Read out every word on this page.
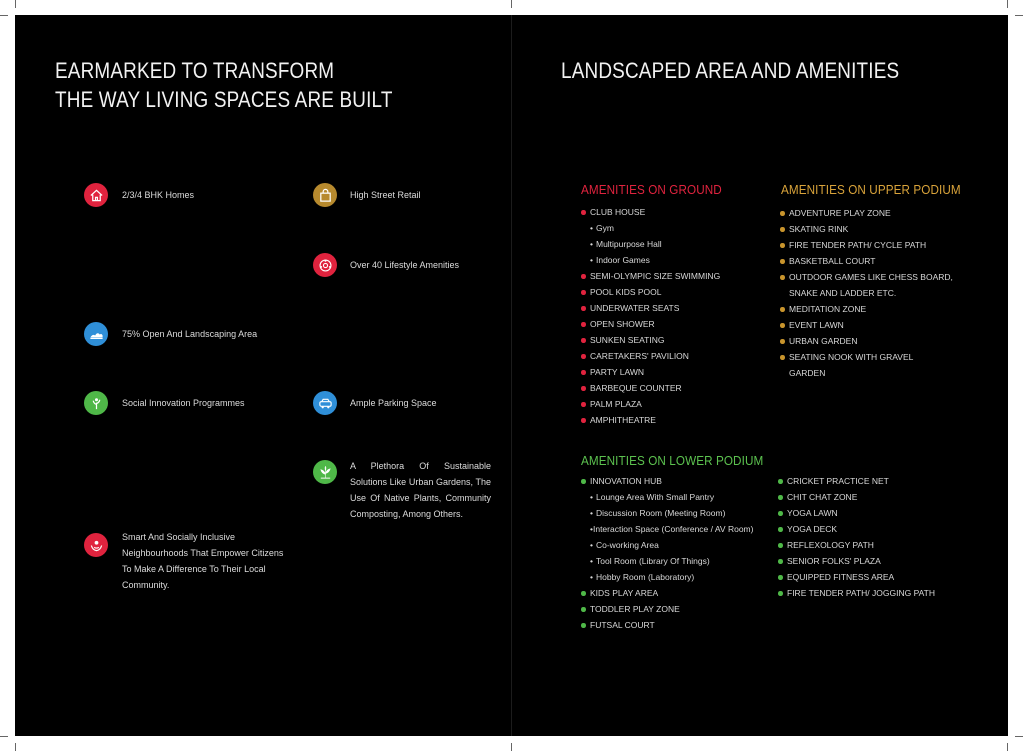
EARMARKED TO TRANSFORM
THE WAY LIVING SPACES ARE BUILT

2/3/4 BHK Homes	High Street Retail

Over 40 Lifestyle Amenities

75% Open And Landscaping Area

Social Innovation Programmes	Ample Parking Space

A Plethora Of Sustainable Solutions Like Urban Gardens, The Use Of Native Plants, Community Composting, Among Others.

Smart And Socially Inclusive Neighbourhoods That Empower Citizens To Make A Difference To Their Local Community.

LANDSCAPED AREA AND AMENITIES
AMENITIES ON GROUND
CLUB HOUSE
• Gym
• Multipurpose Hall
• Indoor Games
SEMI-OLYMPIC SIZE SWIMMING
POOL KIDS POOL
UNDERWATER SEATS
OPEN SHOWER
SUNKEN SEATING
CARETAKERS' PAVILION
PARTY LAWN
BARBEQUE COUNTER
PALM PLAZA
AMPHITHEATRE
AMENITIES ON UPPER PODIUM
ADVENTURE PLAY ZONE
SKATING RINK
FIRE TENDER PATH/ CYCLE PATH
BASKETBALL COURT
OUTDOOR GAMES LIKE CHESS BOARD,
SNAKE AND LADDER ETC.
MEDITATION ZONE
EVENT LAWN
URBAN GARDEN
SEATING NOOK WITH GRAVEL
GARDEN
AMENITIES ON LOWER PODIUM
INNOVATION HUB
• Lounge Area With Small Pantry
• Discussion Room (Meeting Room)
•Interaction Space (Conference / AV Room)
• Co-working Area
• Tool Room (Library Of Things)
• Hobby Room (Laboratory)
KIDS PLAY AREA
TODDLER PLAY ZONE
FUTSAL COURT
CRICKET PRACTICE NET
CHIT CHAT ZONE
YOGA LAWN
YOGA DECK
REFLEXOLOGY PATH
SENIOR FOLKS' PLAZA
EQUIPPED FITNESS AREA
FIRE TENDER PATH/ JOGGING PATH
